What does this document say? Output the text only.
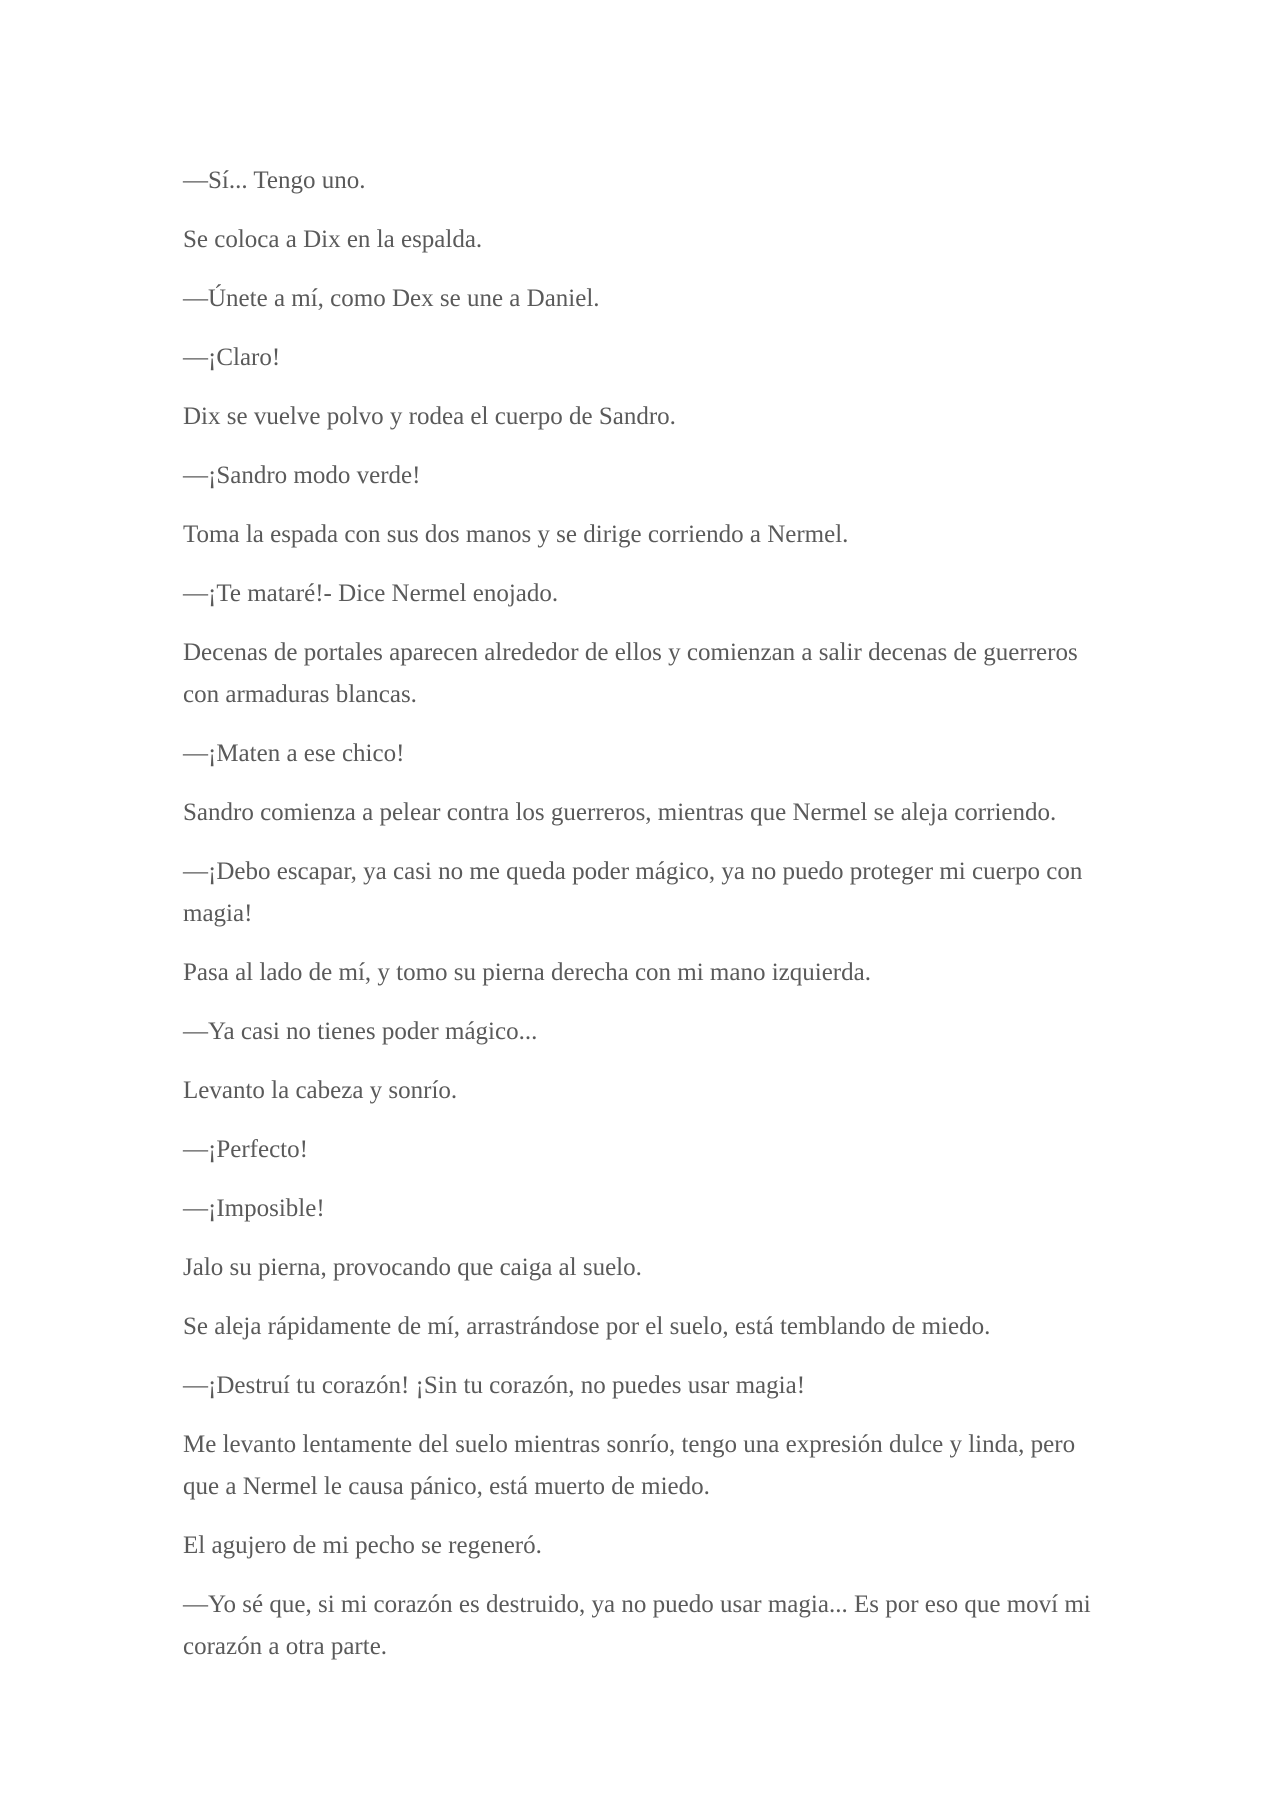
—Sí... Tengo uno.

Se coloca a Dix en la espalda.

—Únete a mí, como Dex se une a Daniel.

—¡Claro!

Dix se vuelve polvo y rodea el cuerpo de Sandro.

—¡Sandro modo verde!

Toma la espada con sus dos manos y se dirige corriendo a Nermel.

—¡Te mataré!- Dice Nermel enojado.

Decenas de portales aparecen alrededor de ellos y comienzan a salir decenas de guerreros con armaduras blancas.

—¡Maten a ese chico!

Sandro comienza a pelear contra los guerreros, mientras que Nermel se aleja corriendo.

—¡Debo escapar, ya casi no me queda poder mágico, ya no puedo proteger mi cuerpo con magia!

Pasa al lado de mí, y tomo su pierna derecha con mi mano izquierda.

—Ya casi no tienes poder mágico...

Levanto la cabeza y sonrío.

—¡Perfecto!

—¡Imposible!

Jalo su pierna, provocando que caiga al suelo.

Se aleja rápidamente de mí, arrastrándose por el suelo, está temblando de miedo.

—¡Destruí tu corazón! ¡Sin tu corazón, no puedes usar magia!

Me levanto lentamente del suelo mientras sonrío, tengo una expresión dulce y linda, pero que a Nermel le causa pánico, está muerto de miedo.

El agujero de mi pecho se regeneró.

—Yo sé que, si mi corazón es destruido, ya no puedo usar magia... Es por eso que moví mi corazón a otra parte.
